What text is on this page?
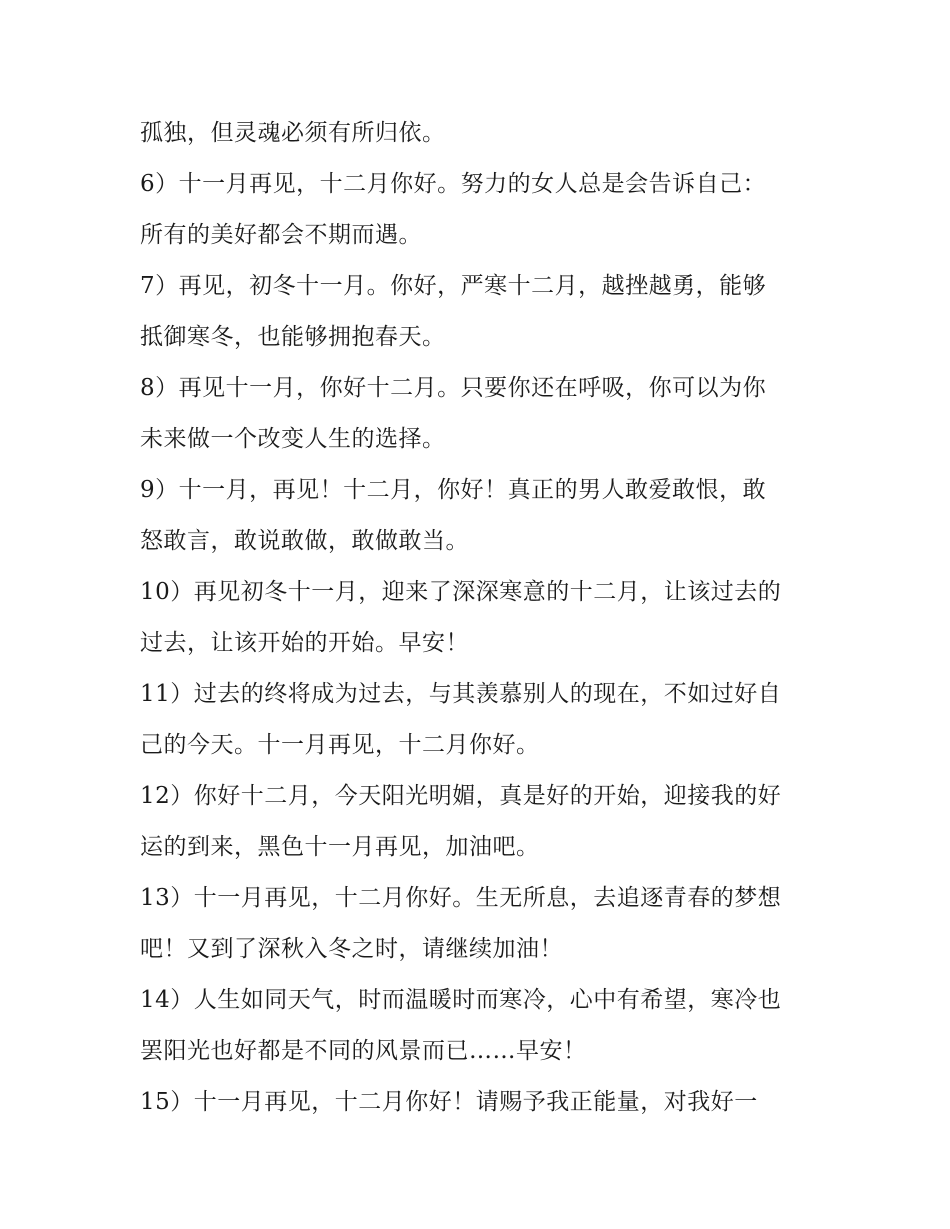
孤独，但灵魂必须有所归依。
6）十一月再见，十二月你好。努力的女人总是会告诉自己：
所有的美好都会不期而遇。
7）再见，初冬十一月。你好，严寒十二月，越挫越勇，能够
抵御寒冬，也能够拥抱春天。
8）再见十一月，你好十二月。只要你还在呼吸，你可以为你
未来做一个改变人生的选择。
9）十一月，再见！十二月，你好！真正的男人敢爱敢恨，敢
怒敢言，敢说敢做，敢做敢当。
10）再见初冬十一月，迎来了深深寒意的十二月，让该过去的
过去，让该开始的开始。早安！
11）过去的终将成为过去，与其羡慕别人的现在，不如过好自
己的今天。十一月再见，十二月你好。
12）你好十二月，今天阳光明媚，真是好的开始，迎接我的好
运的到来，黑色十一月再见，加油吧。
13）十一月再见，十二月你好。生无所息，去追逐青春的梦想
吧！又到了深秋入冬之时，请继续加油！
14）人生如同天气，时而温暖时而寒冷，心中有希望，寒冷也
罢阳光也好都是不同的风景而已……早安！
15）十一月再见，十二月你好！请赐予我正能量，对我好一
